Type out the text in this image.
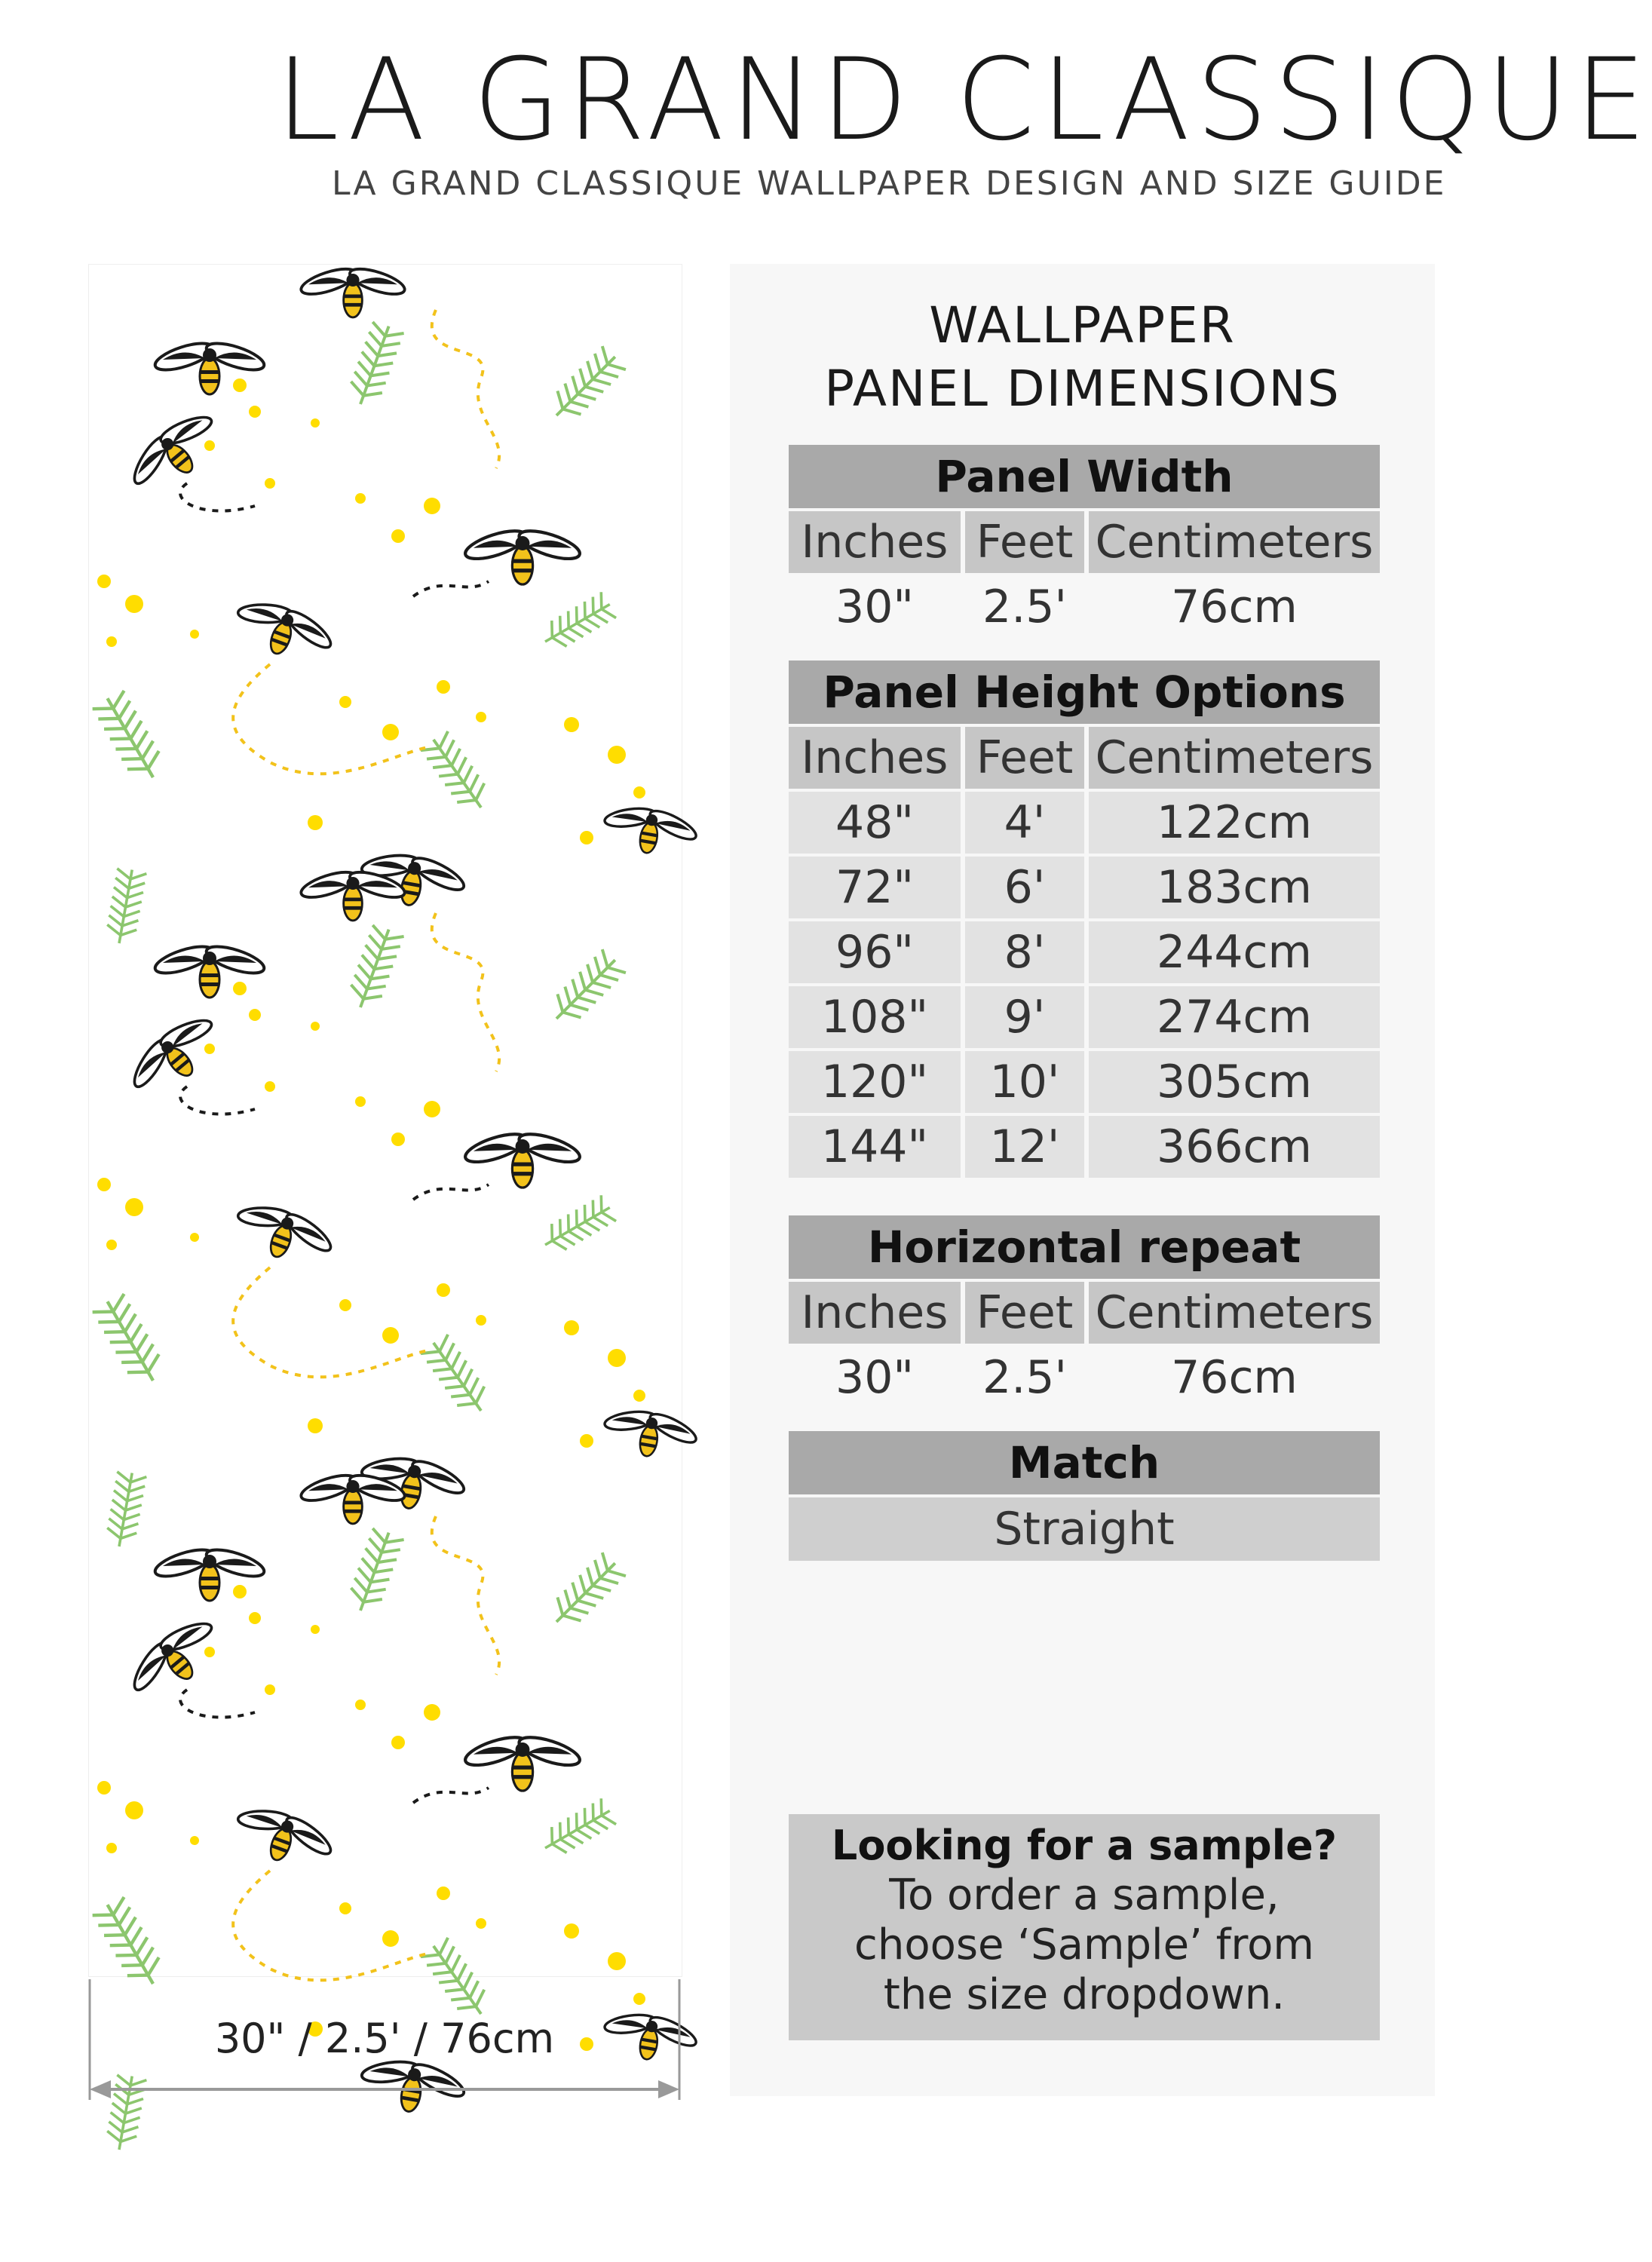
LA GRAND CLASSIQUE
LA GRAND CLASSIQUE WALLPAPER DESIGN AND SIZE GUIDE
30" / 2.5' / 76cm
WALLPAPER
PANEL DIMENSIONS
Panel Width
Inches Feet Centimeters
30"	2.5'	76cm
Panel Height Options
Inches Feet Centimeters
48"	4'	122cm
72"	6'	183cm
96"	8'	244cm
108"	9'	274cm
120"	10'	305cm
144"	12'	366cm
Horizontal repeat
Inches Feet Centimeters
30"	2.5'	76cm
Match
Straight
Looking for a sample?
To order a sample,
choose ‘Sample’ from
the size dropdown.
